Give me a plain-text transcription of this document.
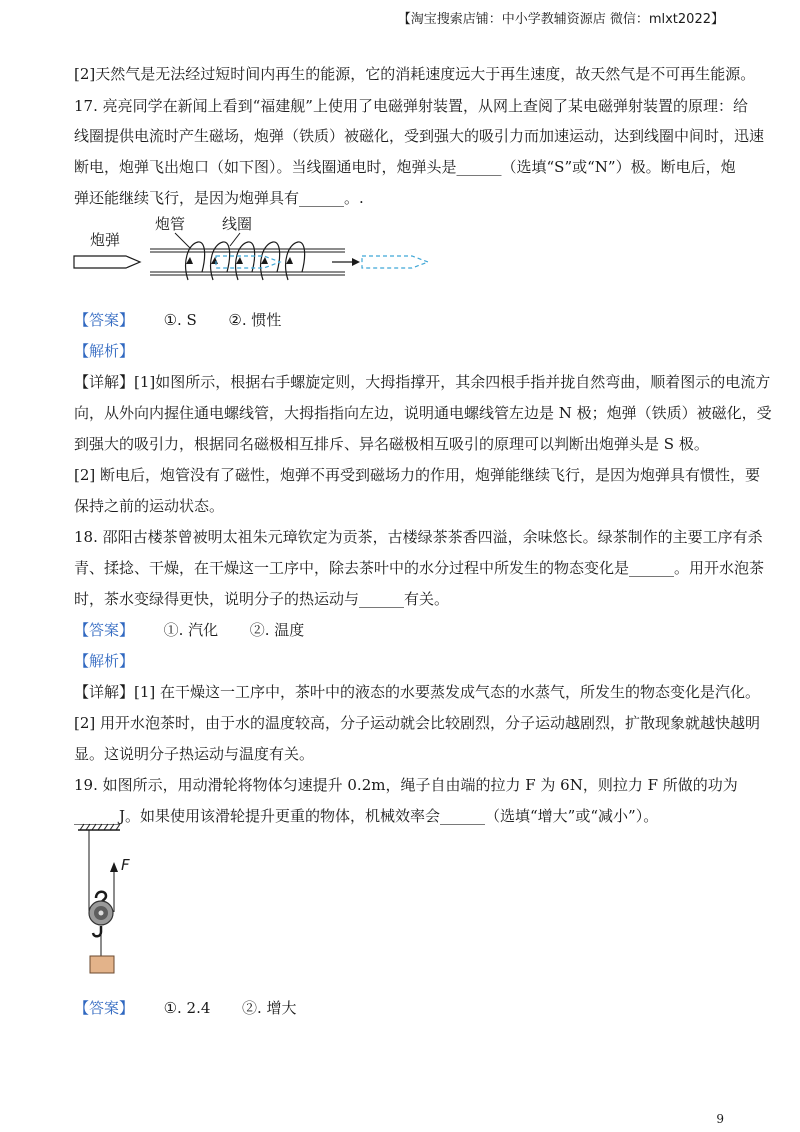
【淘宝搜索店铺：中小学教辅资源店 微信：mlxt2022】
[2]天然气是无法经过短时间内再生的能源，它的消耗速度远大于再生速度，故天然气是不可再生能源。
17. 亮亮同学在新闻上看到“福建舰”上使用了电磁弹射装置，从网上查阅了某电磁弹射装置的原理：给
线圈提供电流时产生磁场，炮弹（铁质）被磁化，受到强大的吸引力而加速运动，达到线圈中间时，迅速
断电，炮弹飞出炮口（如下图）。当线圈通电时，炮弹头是______（选填“S”或“N”）极。断电后，炮
弹还能继续飞行，是因为炮弹具有______。.
炮弹
炮管 线圈
【答案】 ①. S ②. 惯性
【解析】
【详解】[1]如图所示，根据右手螺旋定则，大拇指撑开，其余四根手指并拢自然弯曲，顺着图示的电流方
向，从外向内握住通电螺线管，大拇指指向左边，说明通电螺线管左边是 N 极；炮弹（铁质）被磁化，受
到强大的吸引力，根据同名磁极相互排斥、异名磁极相互吸引的原理可以判断出炮弹头是 S 极。
[2] 断电后，炮管没有了磁性，炮弹不再受到磁场力的作用，炮弹能继续飞行，是因为炮弹具有惯性，要
保持之前的运动状态。
18. 邵阳古楼茶曾被明太祖朱元璋钦定为贡茶，古楼绿茶茶香四溢，余味悠长。绿茶制作的主要工序有杀
青、揉捻、干燥，在干燥这一工序中，除去茶叶中的水分过程中所发生的物态变化是______。用开水泡茶
时，茶水变绿得更快，说明分子的热运动与______有关。
【答案】 ①. 汽化 ②. 温度
【解析】
【详解】[1] 在干燥这一工序中，茶叶中的液态的水要蒸发成气态的水蒸气，所发生的物态变化是汽化。
[2] 用开水泡茶时，由于水的温度较高，分子运动就会比较剧烈，分子运动越剧烈，扩散现象就越快越明
显。这说明分子热运动与温度有关。
19. 如图所示，用动滑轮将物体匀速提升 0.2m，绳子自由端的拉力 F 为 6N，则拉力 F 所做的功为
______J。如果使用该滑轮提升更重的物体，机械效率会______（选填“增大”或“减小”）。
F
【答案】 ①. 2.4 ②. 增大
9
